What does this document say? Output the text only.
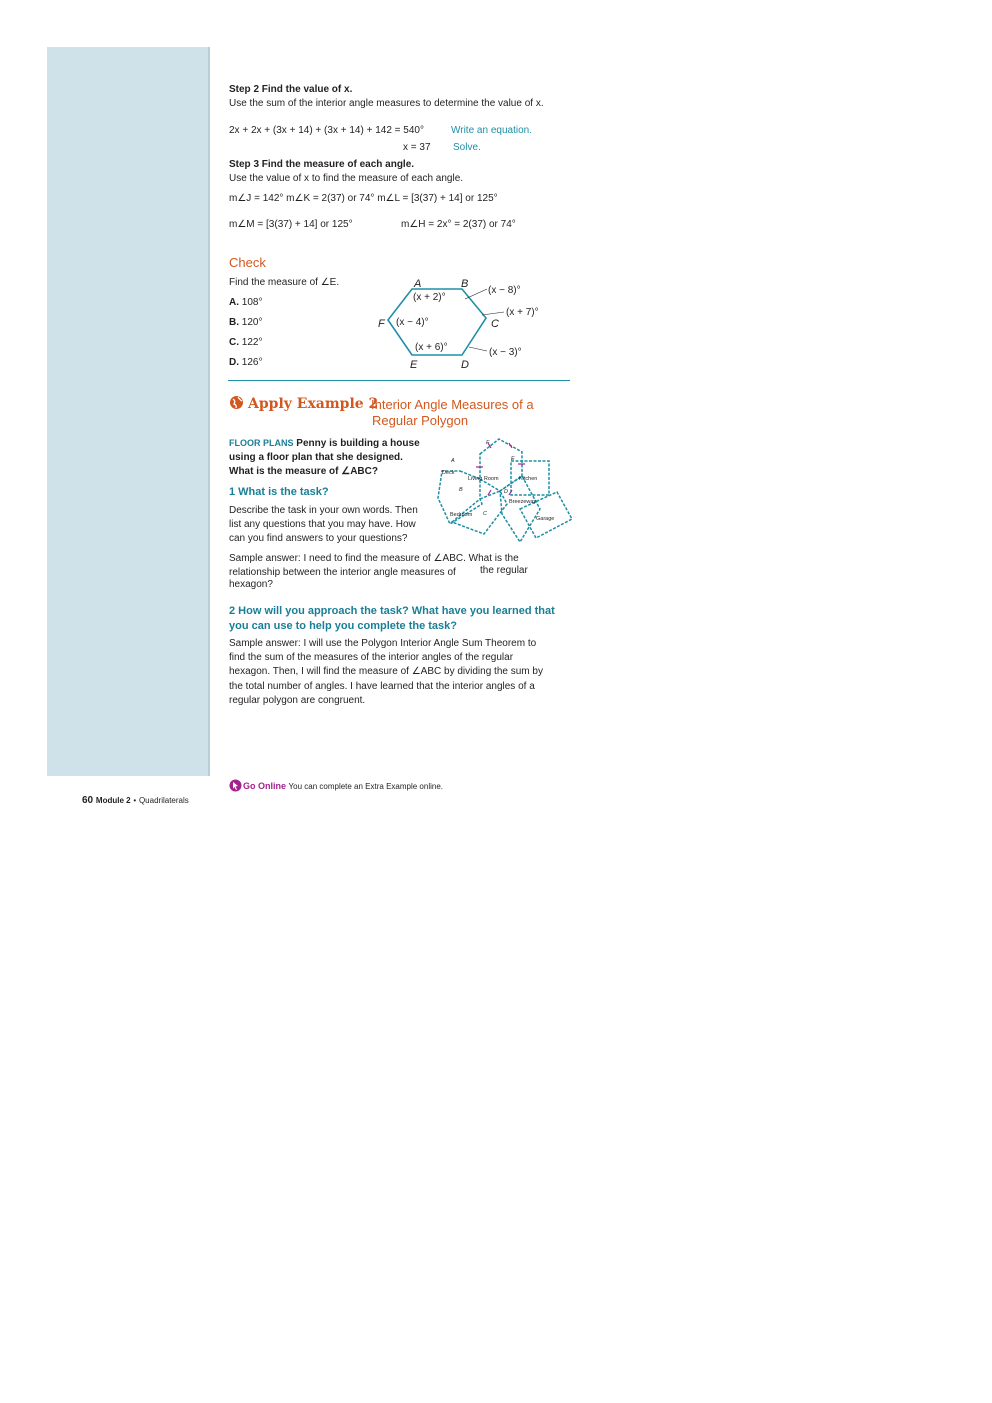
Step 2 Find the value of x.
Use the sum of the interior angle measures to determine the value of x.
2x + 2x + (3x + 14) + (3x + 14) + 142 = 540°	Write an equation.
x = 37 Solve.
Step 3 Find the measure of each angle.
Use the value of x to find the measure of each angle.
m∠J = 142° m∠K = 2(37) or 74° m∠L = [3(37) + 14] or 125°
m∠M = [3(37) + 14] or 125°	m∠H = 2x° = 2(37) or 74°
Check
Find the measure of ∠E.
A. 108°
B. 120°
C. 122°
D. 126°
A	B
C
D
E
F
(x + 2)°
(x − 8)°
(x + 7)°
(x − 3)°
(x + 6)°
(x − 4)°
Apply Example 2
Interior Angle Measures of a
Regular Polygon
FLOOR PLANS Penny is building a house
using a floor plan that she designed.
What is the measure of ∠ABC?
1 What is the task?
Describe the task in your own words. Then
list any questions that you may have. How
can you find answers to your questions?
Deck
Living Room	Kitchen
Breezeway
Bedroom
Garage
A
B
C
D
E
F
Sample answer: I need to find the measure of ∠ABC. What is the
relationship between the interior angle measures of the regular
hexagon?
2 How will you approach the task? What have you learned that
you can use to help you complete the task?
Sample answer: I will use the Polygon Interior Angle Sum Theorem to
find the sum of the measures of the interior angles of the regular
hexagon. Then, I will find the measure of ∠ABC by dividing the sum by
the total number of angles. I have learned that the interior angles of a
regular polygon are congruent.
Go Online You can complete an Extra Example online.
60 Module 2 • Quadrilaterals
